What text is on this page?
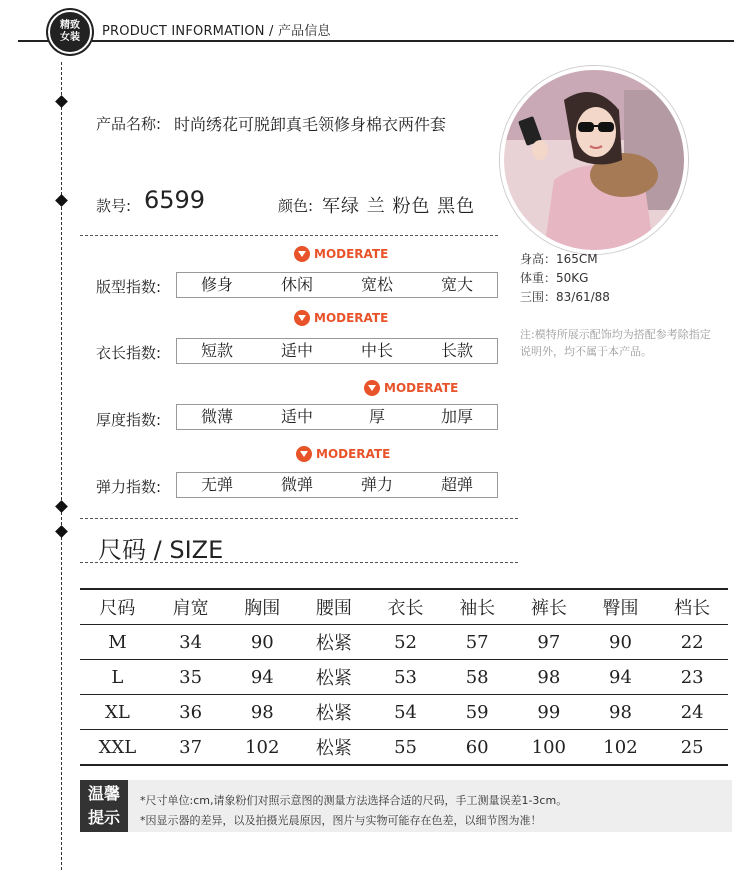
精致
女装	PRODUCT INFORMATION / 产品信息
产品名称: 时尚绣花可脱卸真毛领修身棉衣两件套
款号: 6599	颜色: 军绿 兰 粉色 黑色
身高：165CM
体重：50KG
三围：83/61/88
注:模特所展示配饰均为搭配参考除指定
说明外，均不属于本产品。
MODERATE
版型指数:	修身	休闲	宽松	宽大
MODERATE
衣长指数:	短款	适中	中长	长款
MODERATE
厚度指数:	微薄	适中	厚	加厚
MODERATE
弹力指数:	无弹	微弹	弹力	超弹
尺码 / SIZE
尺码	肩宽	胸围	腰围	衣长	袖长	裤长	臀围	档长
M	34	90	松紧	52	57	97	90	22
L	35	94	松紧	53	58	98	94	23
XL	36	98	松紧	54	59	99	98	24
XXL	37	102	松紧	55	60	100	102	25
温馨
提示
*尺寸单位:cm,请象粉们对照示意图的测量方法选择合适的尺码，手工测量误差1-3cm。
*因显示器的差异，以及拍摄光晨原因，图片与实物可能存在色差，以细节图为准！
